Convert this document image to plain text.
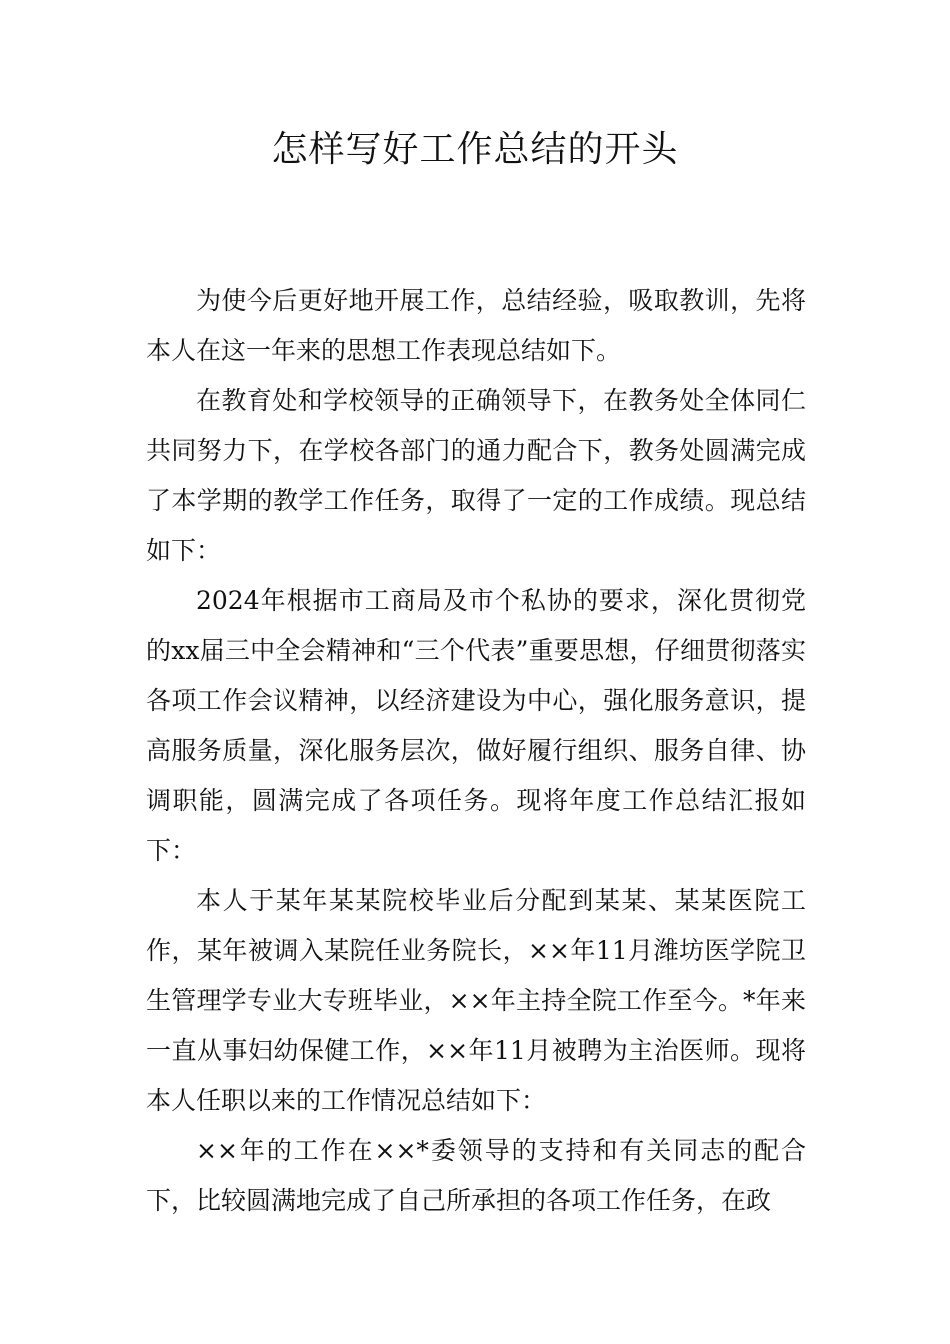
怎样写好工作总结的开头

为使今后更好地开展工作，总结经验，吸取教训，先将本人在这一年来的思想工作表现总结如下。

在教育处和学校领导的正确领导下，在教务处全体同仁共同努力下，在学校各部门的通力配合下，教务处圆满完成了本学期的教学工作任务，取得了一定的工作成绩。现总结如下：

2024年根据市工商局及市个私协的要求，深化贯彻党的xx届三中全会精神和“三个代表”重要思想，仔细贯彻落实各项工作会议精神，以经济建设为中心，强化服务意识，提高服务质量，深化服务层次，做好履行组织、服务自律、协调职能，圆满完成了各项任务。现将年度工作总结汇报如下：

本人于某年某某院校毕业后分配到某某、某某医院工作，某年被调入某院任业务院长，××年11月潍坊医学院卫生管理学专业大专班毕业，××年主持全院工作至今。*年来一直从事妇幼保健工作，××年11月被聘为主治医师。现将本人任职以来的工作情况总结如下：

××年的工作在××*委领导的支持和有关同志的配合下，比较圆满地完成了自己所承担的各项工作任务，在政
